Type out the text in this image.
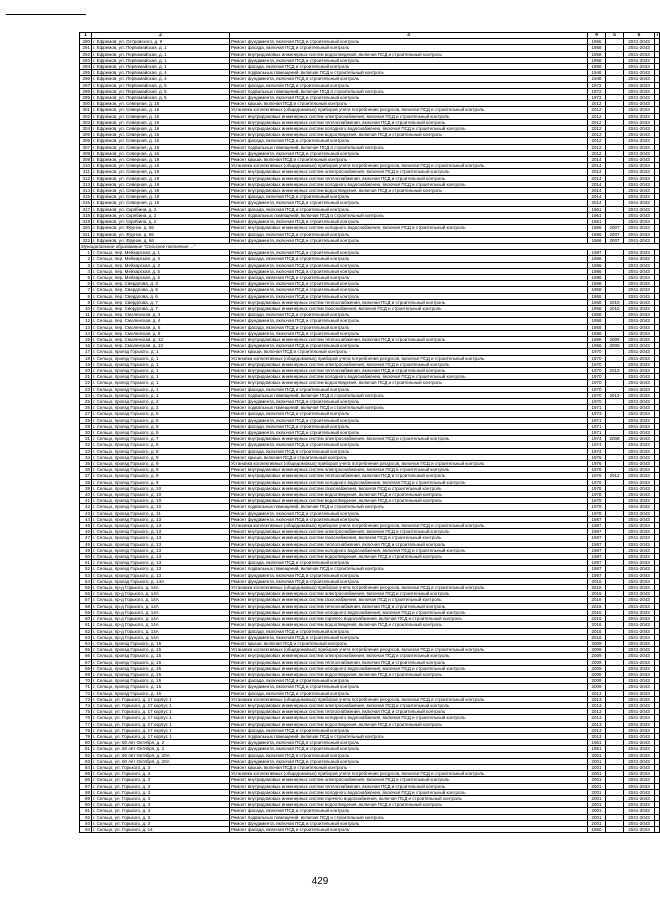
1	2	3	4	5	6	7
290	г. Ефремов, ул. Островского, д. 9	Ремонт фундамента, включая ПСД и строительный контроль	1966		2041-2043	
291	г. Ефремов, ул. Первомайская, д. 1	Ремонт фасада, включая ПСД и строительный контроль	1958		2041-2043	
292	г. Ефремов, ул. Первомайская, д. 1	Ремонт внутридомовых инженерных систем водоотведения, включая ПСД и строительный контроль	1958		2041-2043	
293	г. Ефремов, ул. Первомайская, д. 1	Ремонт фундамента, включая ПСД и строительный контроль	1958		2041-2043	
294	г. Ефремов, ул. Первомайская, д. 1	Ремонт фасада, включая ПСД и строительный контроль	1958		2041-2043	
295	г. Ефремов, ул. Первомайская, д. 4	Ремонт подвальных помещений, включая ПСД и строительный контроль	1948		2041-2043	
296	г. Ефремов, ул. Первомайская, д. 4	Ремонт фундамента, включая ПСД и строительный контроль	1948		2041-2043	
297	г. Ефремов, ул. Первомайская, д. 5	Ремонт фасада, включая ПСД и строительный контроль	1972		2041-2043	
298	г. Ефремов, ул. Первомайская, д. 5	Ремонт подвальных помещений, включая ПСД и строительный контроль	1972		2041-2043	
299	г. Ефремов, ул. Первомайская, д. 5	Ремонт фундамента, включая ПСД и строительный контроль	1972		2041-2043	
300	г. Ефремов, ул. Северная, д. 16	Ремонт крыши, включая ПСД и строительный контроль	2012		2041-2043	
301	г. Ефремов, ул. Северная, д. 16	Установка коллективных (общедомовых) приборов учета потребления ресурсов, включая ПСД и строительный контроль	2012		2041-2043	
302	г. Ефремов, ул. Северная, д. 16	Ремонт внутридомовых инженерных систем электроснабжения, включая ПСД и строительный контроль	2012		2041-2043	
303	г. Ефремов, ул. Северная, д. 16	Ремонт внутридомовых инженерных систем теплоснабжения, включая ПСД и строительный контроль	2012		2041-2043	
304	г. Ефремов, ул. Северная, д. 16	Ремонт внутридомовых инженерных систем холодного водоснабжения, включая ПСД и строительный контроль	2012		2041-2043	
305	г. Ефремов, ул. Северная, д. 16	Ремонт внутридомовых инженерных систем водоотведения, включая ПСД и строительный контроль	2012		2041-2043	
306	г. Ефремов, ул. Северная, д. 16	Ремонт фасада, включая ПСД и строительный контроль	2012		2041-2043	
307	г. Ефремов, ул. Северная, д. 16	Ремонт подвальных помещений, включая ПСД и строительный контроль	2012		2041-2043	
308	г. Ефремов, ул. Северная, д. 16	Ремонт фундамента, включая ПСД и строительный контроль	2012		2041-2043	
309	г. Ефремов, ул. Северная, д. 19	Ремонт крыши, включая ПСД и строительный контроль	2014		2041-2043	
310	г. Ефремов, ул. Северная, д. 19	Установка коллективных (общедомовых) приборов учета потребления ресурсов, включая ПСД и строительный контроль	2014		2041-2043	
311	г. Ефремов, ул. Северная, д. 19	Ремонт внутридомовых инженерных систем электроснабжения, включая ПСД и строительный контроль	2014		2041-2043	
312	г. Ефремов, ул. Северная, д. 19	Ремонт внутридомовых инженерных систем теплоснабжения, включая ПСД и строительный контроль	2014		2041-2043	
313	г. Ефремов, ул. Северная, д. 19	Ремонт внутридомовых инженерных систем холодного водоснабжения, включая ПСД и строительный контроль	2014		2041-2043	
314	г. Ефремов, ул. Северная, д. 19	Ремонт внутридомовых инженерных систем водоотведения, включая ПСД и строительный контроль	2014		2041-2043	
315	г. Ефремов, ул. Северная, д. 19	Ремонт фасада, включая ПСД и строительный контроль	2014		2041-2043	
316	г. Ефремов, ул. Северная, д. 19	Ремонт фундамента, включая ПСД и строительный контроль	2014		2041-2043	
317	г. Ефремов, ул. Скрябина, д. 2	Ремонт фасада, включая ПСД и строительный контроль	1961		2041-2043	
318	г. Ефремов, ул. Скрябина, д. 2	Ремонт подвальных помещений, включая ПСД и строительный контроль	1961		2041-2043	
319	г. Ефремов, ул. Скрябина, д. 2	Ремонт фундамента, включая ПСД и строительный контроль	1961		2041-2043	
320	г. Ефремов, ул. Фрунзе, д. 66	Ремонт внутридомовых инженерных систем холодного водоснабжения, включая ПСД и строительный контроль	1966	2007	2041-2043	
321	г. Ефремов, ул. Фрунзе, д. 66	Ремонт фасада, включая ПСД и строительный контроль	1966	2007	2041-2043	
322	г. Ефремов, ул. Фрунзе, д. 66	Ремонт фундамента, включая ПСД и строительный контроль	1966	2007	2041-2043	
Муниципальное образование "Сельское поселение ..."						
1	г. Сельцо, пер. Мейхарская, д. 1	Ремонт фундамента, включая ПСД и строительный контроль	1987		2041-2043	
2	г. Сельцо, пер. Мейхарская, д. 3	Ремонт фасада, включая ПСД и строительный контроль	1986		2041-2043	
3	г. Сельцо, пер. Мейхарская, д. 3	Ремонт фундамента, включая ПСД и строительный контроль	1986		2041-2043	
4	г. Сельцо, пер. Мейхарская, д. 5	Ремонт фундамента, включая ПСД и строительный контроль	1986		2041-2043	
5	г. Сельцо, пер. Мейхарская, д. 5	Ремонт фасада, включая ПСД и строительный контроль	1986		2041-2043	
6	г. Сельцо, пер. Свердлова, д. 3	Ремонт фундамента, включая ПСД и строительный контроль	1958		2041-2043	
7	г. Сельцо, пер. Свердлова, д. 5	Ремонт фундамента, включая ПСД и строительный контроль	1958		2041-2043	
8	г. Сельцо, пер. Свердлова, д. 6	Ремонт фундамента, включая ПСД и строительный контроль	1958		2041-2043	
9	г. Сельцо, пер. Свердлова, д. 7	Ремонт внутридомовых инженерных систем теплоснабжения, включая ПСД и строительный контроль	1958	2010	2041-2043	
10	г. Сельцо, пер. Свердлова, д. 7	Ремонт внутридомовых инженерных систем газоснабжения, включая ПСД и строительный контроль	1958	2010	2041-2043	
11	г. Сельцо, пер. Смоленская, д. 3	Ремонт фасада, включая ПСД и строительный контроль	1958		2041-2043	
12	г. Сельцо, пер. Смоленская, д. 4	Ремонт фундамента, включая ПСД и строительный контроль	1958		2041-2043	
13	г. Сельцо, пер. Смоленская, д. 5	Ремонт фасада, включая ПСД и строительный контроль	1958		2041-2043	
14	г. Сельцо, пер. Смоленская, д. 5	Ремонт фундамента, включая ПСД и строительный контроль	1958		2041-2043	
15	г. Сельцо, пер. Смоленская, д. 13	Ремонт внутридомовых инженерных систем теплоснабжения, включая ПСД и строительный контроль	1956	2009	2041-2043	
16	г. Сельцо, пер. Смоленская, д. 13	Ремонт фундамента, включая ПСД и строительный контроль	1956	2009	2041-2043	
17	г. Сельцо, проезд Горького, д. 1	Ремонт крыши, включая ПСД и строительный контроль	1970		2041-2043	
18	г. Сельцо, проезд Горького, д. 1	Установка коллективных (общедомовых) приборов учета потребления ресурсов, включая ПСД и строительный контроль	1970		2041-2043	
19	г. Сельцо, проезд Горького, д. 1	Ремонт внутридомовых инженерных систем электроснабжения, включая ПСД и строительный контроль	1970		2041-2043	
20	г. Сельцо, проезд Горького, д. 1	Ремонт внутридомовых инженерных систем теплоснабжения, включая ПСД и строительный контроль	1970	2013	2041-2043	
21	г. Сельцо, проезд Горького, д. 1	Ремонт внутридомовых инженерных систем холодного водоснабжения, включая ПСД и строительный контроль	1970		2041-2043	
22	г. Сельцо, проезд Горького, д. 1	Ремонт внутридомовых инженерных систем водоотведения, включая ПСД и строительный контроль	1970		2041-2043	
23	г. Сельцо, проезд Горького, д. 1	Ремонт фасада, включая ПСД и строительный контроль	1970		2041-2043	
24	г. Сельцо, проезд Горького, д. 1	Ремонт подвальных помещений, включая ПСД и строительный контроль	1970	2013	2041-2043	
25	г. Сельцо, проезд Горького, д. 2	Ремонт фундамента, включая ПСД и строительный контроль	1970		2041-2043	
26	г. Сельцо, проезд Горького, д. 2	Ремонт подвальных помещений, включая ПСД и строительный контроль	1971		2041-2043	
27	г. Сельцо, проезд Горького, д. 5	Ремонт фасада, включая ПСД и строительный контроль	1973		2041-2043	
28	г. Сельцо, проезд Горького, д. 6	Ремонт фундамента, включая ПСД и строительный контроль	1971		2041-2043	
29	г. Сельцо, проезд Горького, д. 6	Ремонт фасада, включая ПСД и строительный контроль	1971		2041-2043	
30	г. Сельцо, проезд Горького, д. 6	Ремонт фундамента, включая ПСД и строительный контроль	1971		2041-2043	
31	г. Сельцо, проезд Горького, д. 7	Ремонт внутридомовых инженерных систем электроснабжения, включая ПСД и строительный контроль	1974	2008	2041-2043	
32	г. Сельцо, проезд Горького, д. 8	Ремонт фундамента, включая ПСД и строительный контроль	1974		2041-2043	
33	г. Сельцо, проезд Горького, д. 8	Ремонт фасада, включая ПСД и строительный контроль	1974		2041-2043	
34	г. Сельцо, проезд Горького, д. 9	Ремонт крыши, включая ПСД и строительный контроль	1976		2041-2043	
35	г. Сельцо, проезд Горького, д. 9	Установка коллективных (общедомовых) приборов учета потребления ресурсов, включая ПСД и строительный контроль	1976		2041-2043	
36	г. Сельцо, проезд Горького, д. 9	Ремонт внутридомовых инженерных систем электроснабжения, включая ПСД и строительный контроль	1976		2041-2043	
37	г. Сельцо, проезд Горького, д. 9	Ремонт внутридомовых инженерных систем теплоснабжения, включая ПСД и строительный контроль	1976	2012	2041-2043	
38	г. Сельцо, проезд Горького, д. 9	Ремонт внутридомовых инженерных систем холодного водоснабжения, включая ПСД и строительный контроль	1976		2041-2043	
39	г. Сельцо, проезд Горького, д. 10	Ремонт внутридомовых инженерных систем газоснабжения, включая ПСД и строительный контроль	1978		2041-2043	
40	г. Сельцо, проезд Горького, д. 10	Ремонт внутридомовых инженерных систем водоотведения, включая ПСД и строительный контроль	1978		2041-2043	
41	г. Сельцо, проезд Горького, д. 10	Ремонт внутридомовых инженерных систем водоотведения, включая ПСД и строительный контроль	1978		2041-2043	
42	г. Сельцо, проезд Горького, д. 10	Ремонт подвальных помещений, включая ПСД и строительный контроль	1978		2041-2043	
43	г. Сельцо, проезд Горького, д. 11	Ремонт фундамента, включая ПСД и строительный контроль	1978		2041-2043	
44	г. Сельцо, проезд Горького, д. 13	Ремонт фундамента, включая ПСД и строительный контроль	1987		2041-2043	
45	г. Сельцо, проезд Горького, д. 13	Установка коллективных (общедомовых) приборов учета потребления ресурсов, включая ПСД и строительный контроль	1987		2041-2043	
46	г. Сельцо, проезд Горького, д. 13	Ремонт внутридомовых инженерных систем электроснабжения, включая ПСД и строительный контроль	1987		2041-2043	
47	г. Сельцо, проезд Горького, д. 13	Ремонт внутридомовых инженерных систем газоснабжения, включая ПСД и строительный контроль	1987		2041-2043	
48	г. Сельцо, проезд Горького, д. 13	Ремонт внутридомовых инженерных систем теплоснабжения, включая ПСД и строительный контроль	1987		2041-2043	
49	г. Сельцо, проезд Горького, д. 13	Ремонт внутридомовых инженерных систем холодного водоснабжения, включая ПСД и строительный контроль	1987		2041-2043	
50	г. Сельцо, проезд Горького, д. 13	Ремонт внутридомовых инженерных систем водоотведения, включая ПСД и строительный контроль	1987		2041-2043	
51	г. Сельцо, проезд Горького, д. 13	Ремонт фасада, включая ПСД и строительный контроль	1987		2041-2043	
52	г. Сельцо, проезд Горького, д. 13	Ремонт подвальных помещений, включая ПСД и строительный контроль	1987		2041-2043	
53	г. Сельцо, проезд Горького, д. 13	Ремонт фундамента, включая ПСД и строительный контроль	1987		2041-2043	
54	г. Сельцо, проезд Горького, д. 14А	Ремонт фундамента, включая ПСД и строительный контроль	2016		2041-2043	
55	г. Сельцо, пр-д Горького, д. 14А	Установка коллективных (общедомовых) приборов учета потребления ресурсов, включая ПСД и строительный контроль	2016		2041-2043	
56	г. Сельцо, пр-д Горького, д. 14А	Ремонт внутридомовых инженерных систем электроснабжения, включая ПСД и строительный контроль	2016		2041-2043	
57	г. Сельцо, пр-д Горького, д. 14А	Ремонт внутридомовых инженерных систем газоснабжения, включая ПСД и строительный контроль	2016		2041-2043	
58	г. Сельцо, пр-д Горького, д. 14А	Ремонт внутридомовых инженерных систем теплоснабжения, включая ПСД и строительный контроль	2016		2041-2043	
59	г. Сельцо, пр-д Горького, д. 14А	Ремонт внутридомовых инженерных систем холодного водоснабжения, включая ПСД и строительный контроль	2016		2041-2043	
60	г. Сельцо, пр-д Горького, д. 14А	Ремонт внутридомовых инженерных систем горячего водоснабжения, включая ПСД и строительный контроль	2016		2041-2043	
61	г. Сельцо, пр-д Горького, д. 14А	Ремонт внутридомовых инженерных систем водоотведения, включая ПСД и строительный контроль	2016		2041-2043	
62	г. Сельцо, пр-д Горького, д. 14А	Ремонт фасада, включая ПСД и строительный контроль	2016		2041-2043	
63	г. Сельцо, пр-д Горького, д. 14А	Ремонт фундамента, включая ПСД и строительный контроль	2016		2041-2043	
64	г. Сельцо, проезд Горького, д. 15	Ремонт крыши, включая ПСД и строительный контроль	2009		2041-2043	
65	г. Сельцо, проезд Горького, д. 15	Установка коллективных (общедомовых) приборов учета потребления ресурсов, включая ПСД и строительный контроль	2009		2041-2043	
66	г. Сельцо, проезд Горького, д. 15	Ремонт внутридомовых инженерных систем электроснабжения, включая ПСД и строительный контроль	2009		2041-2043	
67	г. Сельцо, проезд Горького, д. 15	Ремонт внутридомовых инженерных систем теплоснабжения, включая ПСД и строительный контроль	2009		2041-2043	
68	г. Сельцо, проезд Горького, д. 15	Ремонт внутридомовых инженерных систем холодного водоснабжения, включая ПСД и строительный контроль	2009		2041-2043	
69	г. Сельцо, проезд Горького, д. 15	Ремонт внутридомовых инженерных систем водоотведения, включая ПСД и строительный контроль	2009		2041-2043	
70	г. Сельцо, проезд Горького, д. 15	Ремонт фасада, включая ПСД и строительный контроль	2009		2041-2043	
71	г. Сельцо, проезд Горького, д. 15	Ремонт фундамента, включая ПСД и строительный контроль	2009		2041-2043	
72	г. Сельцо, проезд Горького, д. 16	Ремонт фасада, включая ПСД и строительный контроль	2013		2041-2043	
73	г. Сельцо, ул. Горького, д. 17 корпус 1	Установка коллективных (общедомовых) приборов учета потребления ресурсов, включая ПСД и строительный контроль	2013		2041-2043	
74	г. Сельцо, ул. Горького, д. 17 корпус 1	Ремонт внутридомовых инженерных систем электроснабжения, включая ПСД и строительный контроль	2013		2041-2043	
75	г. Сельцо, ул. Горького, д. 17 корпус 1	Ремонт внутридомовых инженерных систем теплоснабжения, включая ПСД и строительный контроль	2013		2041-2043	
76	г. Сельцо, ул. Горького, д. 17 корпус 1	Ремонт внутридомовых инженерных систем холодного водоснабжения, включая ПСД и строительный контроль	2013		2041-2043	
77	г. Сельцо, ул. Горького, д. 17 корпус 1	Ремонт внутридомовых инженерных систем водоотведения, включая ПСД и строительный контроль	2013		2041-2043	
78	г. Сельцо, ул. Горького, д. 17 корпус 1	Ремонт фасада, включая ПСД и строительный контроль	2013		2041-2043	
79	г. Сельцо, ул. Горького, д. 17 корпус 1	Ремонт подвальных помещений, включая ПСД и строительный контроль	2013		2041-2043	
80	г. Сельцо, ул. 60 лет Октября, д. 2	Ремонт фундамента, включая ПСД и строительный контроль	1961		2041-2043	
81	г. Сельцо, ул. 60 лет Октября, д. 2	Ремонт фундамента, включая ПСД и строительный контроль	1961		2041-2043	
82	г. Сельцо, ул. 60 лет Октября, д. 20А	Ремонт фасада, включая ПСД и строительный контроль	2001		2041-2043	
83	г. Сельцо, ул. 60 лет Октября, д. 20А	Ремонт фундамента, включая ПСД и строительный контроль	2001		2041-2043	
84	г. Сельцо, ул. Горького, д. 3	Ремонт крыши, включая ПСД и строительный контроль	2001		2041-2043	
85	г. Сельцо, ул. Горького, д. 3	Установка коллективных (общедомовых) приборов учета потребления ресурсов, включая ПСД и строительный контроль	2001		2041-2043	
86	г. Сельцо, ул. Горького, д. 3	Ремонт внутридомовых инженерных систем электроснабжения, включая ПСД и строительный контроль	2001		2041-2043	
87	г. Сельцо, ул. Горького, д. 3	Ремонт внутридомовых инженерных систем теплоснабжения, включая ПСД и строительный контроль	2001		2041-2043	
88	г. Сельцо, ул. Горького, д. 3	Ремонт внутридомовых инженерных систем холодного водоснабжения, включая ПСД и строительный контроль	2001		2041-2043	
89	г. Сельцо, ул. Горького, д. 3	Ремонт внутридомовых инженерных систем горячего водоснабжения, включая ПСД и строительный контроль	2001		2041-2043	
90	г. Сельцо, ул. Горького, д. 3	Ремонт внутридомовых инженерных систем водоотведения, включая ПСД и строительный контроль	2001		2041-2043	
91	г. Сельцо, ул. Горького, д. 3	Ремонт фасада, включая ПСД и строительный контроль	2001		2041-2043	
92	г. Сельцо, ул. Горького, д. 3	Ремонт подвальных помещений, включая ПСД и строительный контроль	2001		2041-2043	
93	г. Сельцо, ул. Горького, д. 3	Ремонт фундамента, включая ПСД и строительный контроль	2001		2041-2043	
94	г. Сельцо, ул. Горького, д. 14	Ремонт фасада, включая ПСД и строительный контроль	1960		2041-2043	
429
